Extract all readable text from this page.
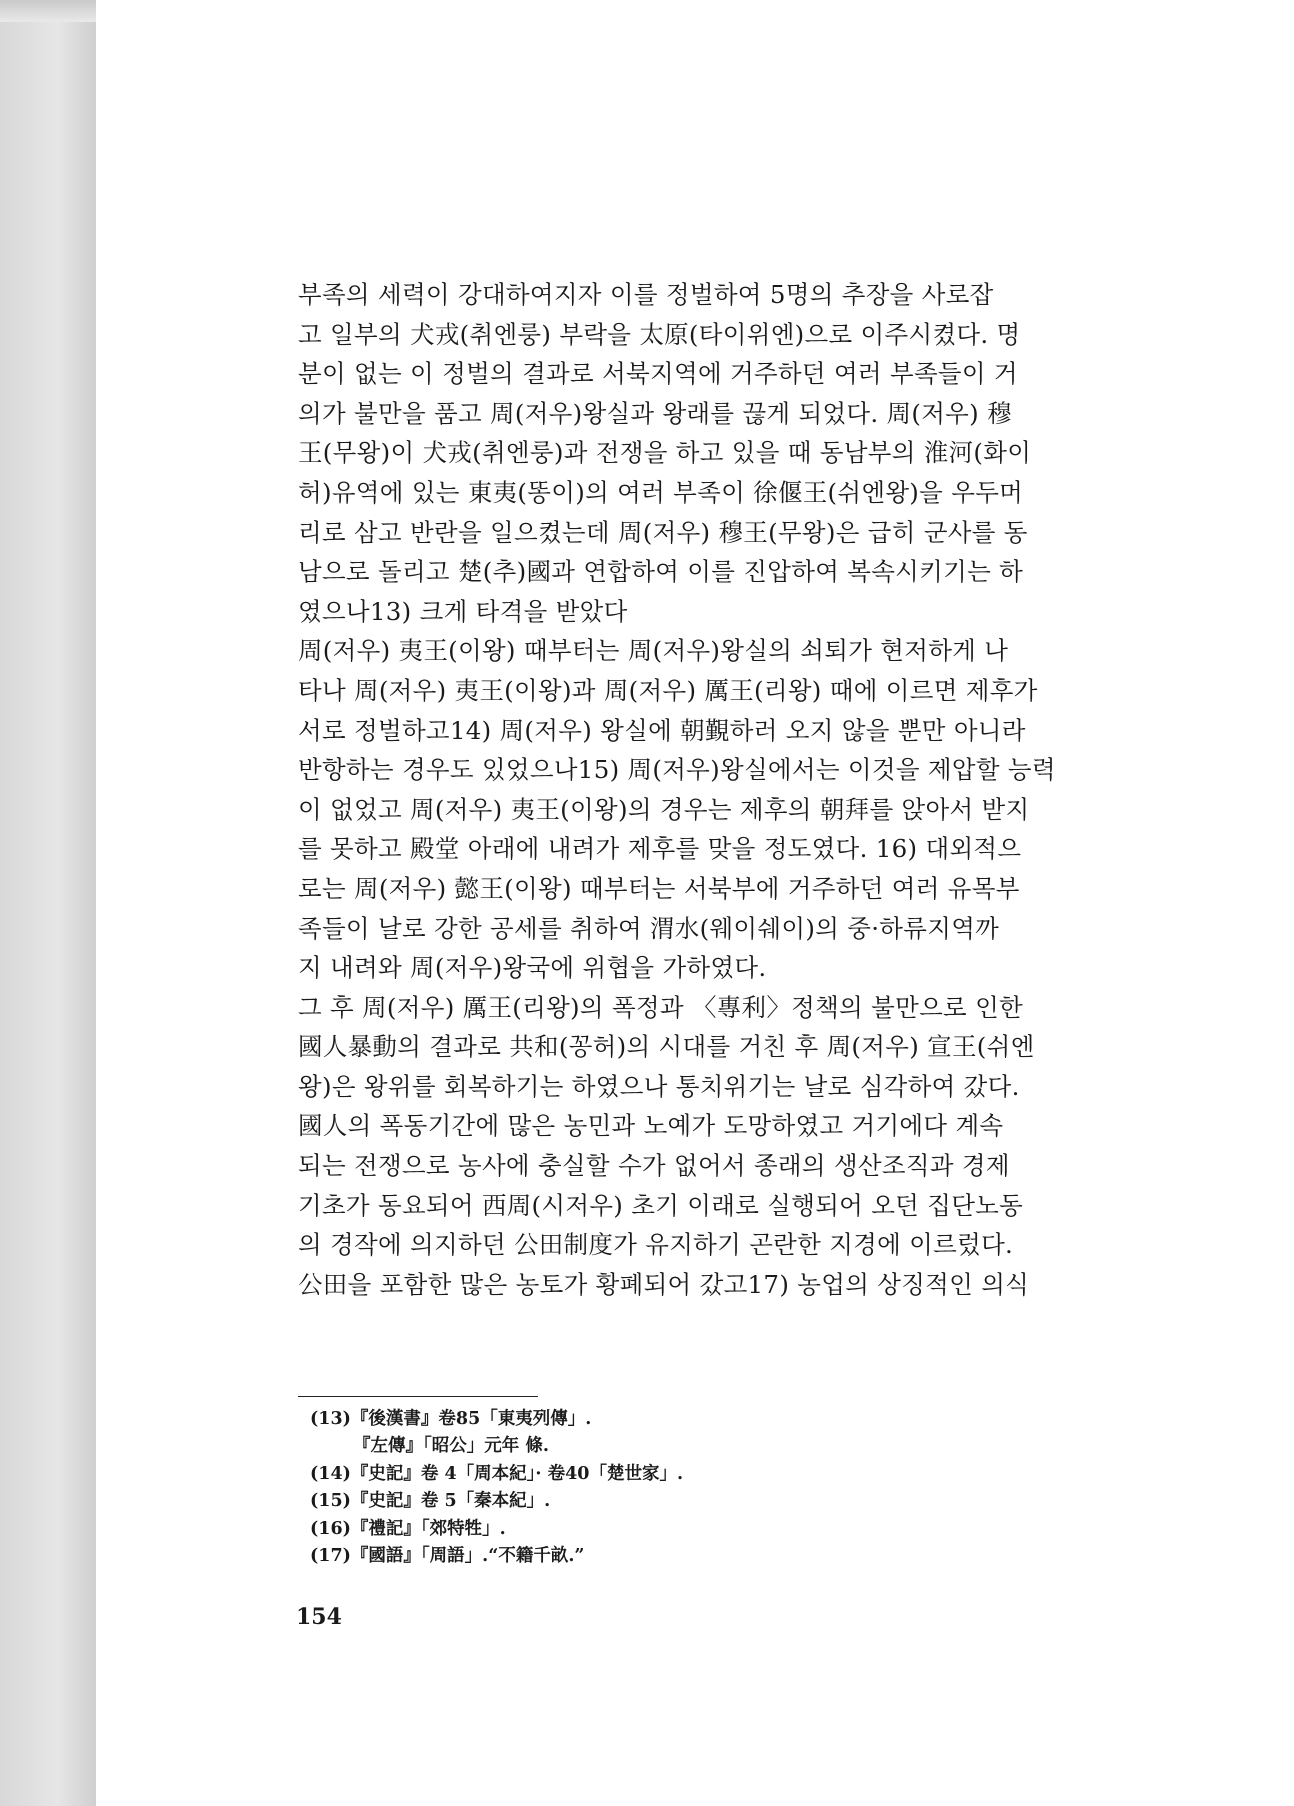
부족의 세력이 강대하여지자 이를 정벌하여 5명의 추장을 사로잡
고 일부의 犬戎(취엔룽) 부락을 太原(타이위엔)으로 이주시켰다. 명
분이 없는 이 정벌의 결과로 서북지역에 거주하던 여러 부족들이 거
의가 불만을 품고 周(저우)왕실과 왕래를 끊게 되었다. 周(저우) 穆
王(무왕)이 犬戎(취엔룽)과 전쟁을 하고 있을 때 동남부의 淮河(화이
허)유역에 있는 東夷(똥이)의 여러 부족이 徐偃王(쉬엔왕)을 우두머
리로 삼고 반란을 일으켰는데 周(저우) 穆王(무왕)은 급히 군사를 동
남으로 돌리고 楚(추)國과 연합하여 이를 진압하여 복속시키기는 하
였으나13) 크게 타격을 받았다
周(저우) 夷王(이왕) 때부터는 周(저우)왕실의 쇠퇴가 현저하게 나
타나 周(저우) 夷王(이왕)과 周(저우) 厲王(리왕) 때에 이르면 제후가
서로 정벌하고14) 周(저우) 왕실에 朝覲하러 오지 않을 뿐만 아니라
반항하는 경우도 있었으나15) 周(저우)왕실에서는 이것을 제압할 능력
이 없었고 周(저우) 夷王(이왕)의 경우는 제후의 朝拜를 앉아서 받지
를 못하고 殿堂 아래에 내려가 제후를 맞을 정도였다. 16) 대외적으
로는 周(저우) 懿王(이왕) 때부터는 서북부에 거주하던 여러 유목부
족들이 날로 강한 공세를 취하여 渭水(웨이쉐이)의 중·하류지역까
지 내려와 周(저우)왕국에 위협을 가하였다.
그 후 周(저우) 厲王(리왕)의 폭정과 〈專利〉정책의 불만으로 인한
國人暴動의 결과로 共和(꽁허)의 시대를 거친 후 周(저우) 宣王(쉬엔
왕)은 왕위를 회복하기는 하였으나 통치위기는 날로 심각하여 갔다.
國人의 폭동기간에 많은 농민과 노예가 도망하였고 거기에다 계속
되는 전쟁으로 농사에 충실할 수가 없어서 종래의 생산조직과 경제
기초가 동요되어 西周(시저우) 초기 이래로 실행되어 오던 집단노동
의 경작에 의지하던 公田制度가 유지하기 곤란한 지경에 이르렀다.
公田을 포함한 많은 농토가 황폐되어 갔고17) 농업의 상징적인 의식
(13)『後漢書』卷85「東夷列傳」.
『左傳』「昭公」元年 條.
(14)『史記』卷 4「周本紀」· 卷40「楚世家」.
(15)『史記』卷 5「秦本紀」.
(16)『禮記』「郊特牲」.
(17)『國語』「周語」.“不籍千畝.”
154
